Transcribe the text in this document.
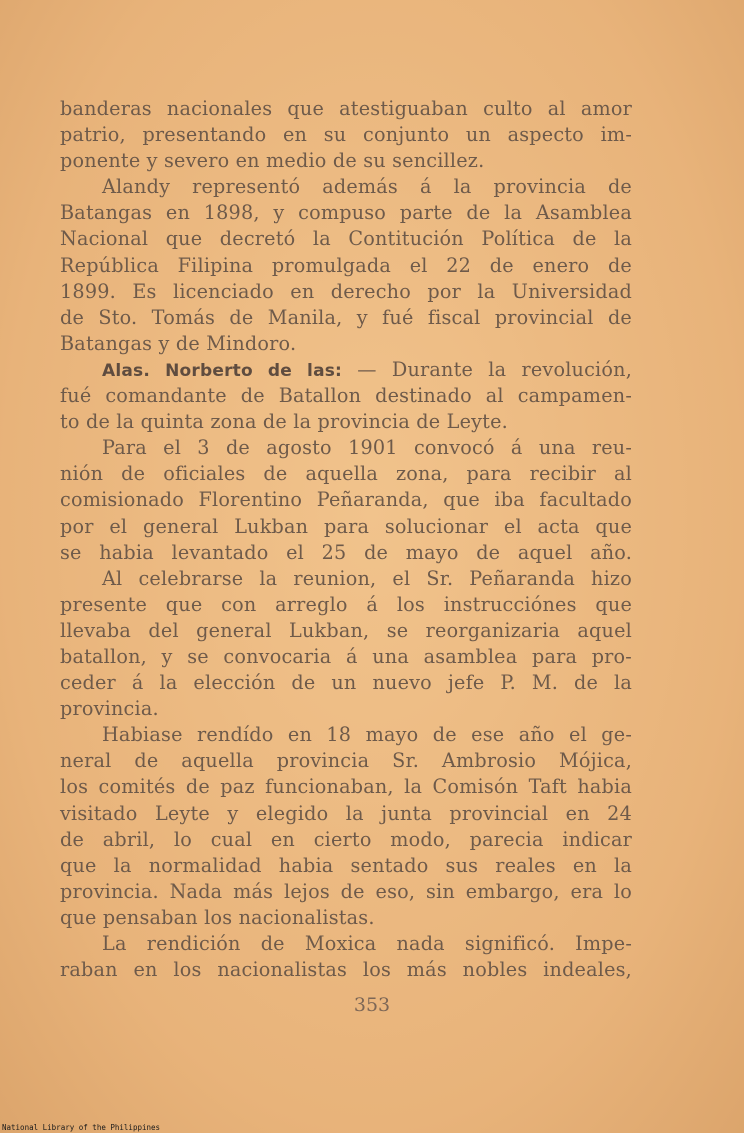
banderas nacionales que atestiguaban culto al amor
patrio, presentando en su conjunto un aspecto im-
ponente y severo en medio de su sencillez.
Alandy representó además á la provincia de
Batangas en 1898, y compuso parte de la Asamblea
Nacional que decretó la Contitución Política de la
República Filipina promulgada el 22 de enero de
1899. Es licenciado en derecho por la Universidad
de Sto. Tomás de Manila, y fué fiscal provincial de
Batangas y de Mindoro.
Alas. Norberto de las: — Durante la revolución,
fué comandante de Batallon destinado al campamen-
to de la quinta zona de la provincia de Leyte.
Para el 3 de agosto 1901 convocó á una reu-
nión de oficiales de aquella zona, para recibir al
comisionado Florentino Peñaranda, que iba facultado
por el general Lukban para solucionar el acta que
se habia levantado el 25 de mayo de aquel año.
Al celebrarse la reunion, el Sr. Peñaranda hizo
presente que con arreglo á los instrucciónes que
llevaba del general Lukban, se reorganizaria aquel
batallon, y se convocaria á una asamblea para pro-
ceder á la elección de un nuevo jefe P. M. de la
provincia.
Habiase rendído en 18 mayo de ese año el ge-
neral de aquella provincia Sr. Ambrosio Mójica,
los comités de paz funcionaban, la Comisón Taft habia
visitado Leyte y elegido la junta provincial en 24
de abril, lo cual en cierto modo, parecia indicar
que la normalidad habia sentado sus reales en la
provincia. Nada más lejos de eso, sin embargo, era lo
que pensaban los nacionalistas.
La rendición de Moxica nada significó. Impe-
raban en los nacionalistas los más nobles indeales,
353
National Library of the Philippines
